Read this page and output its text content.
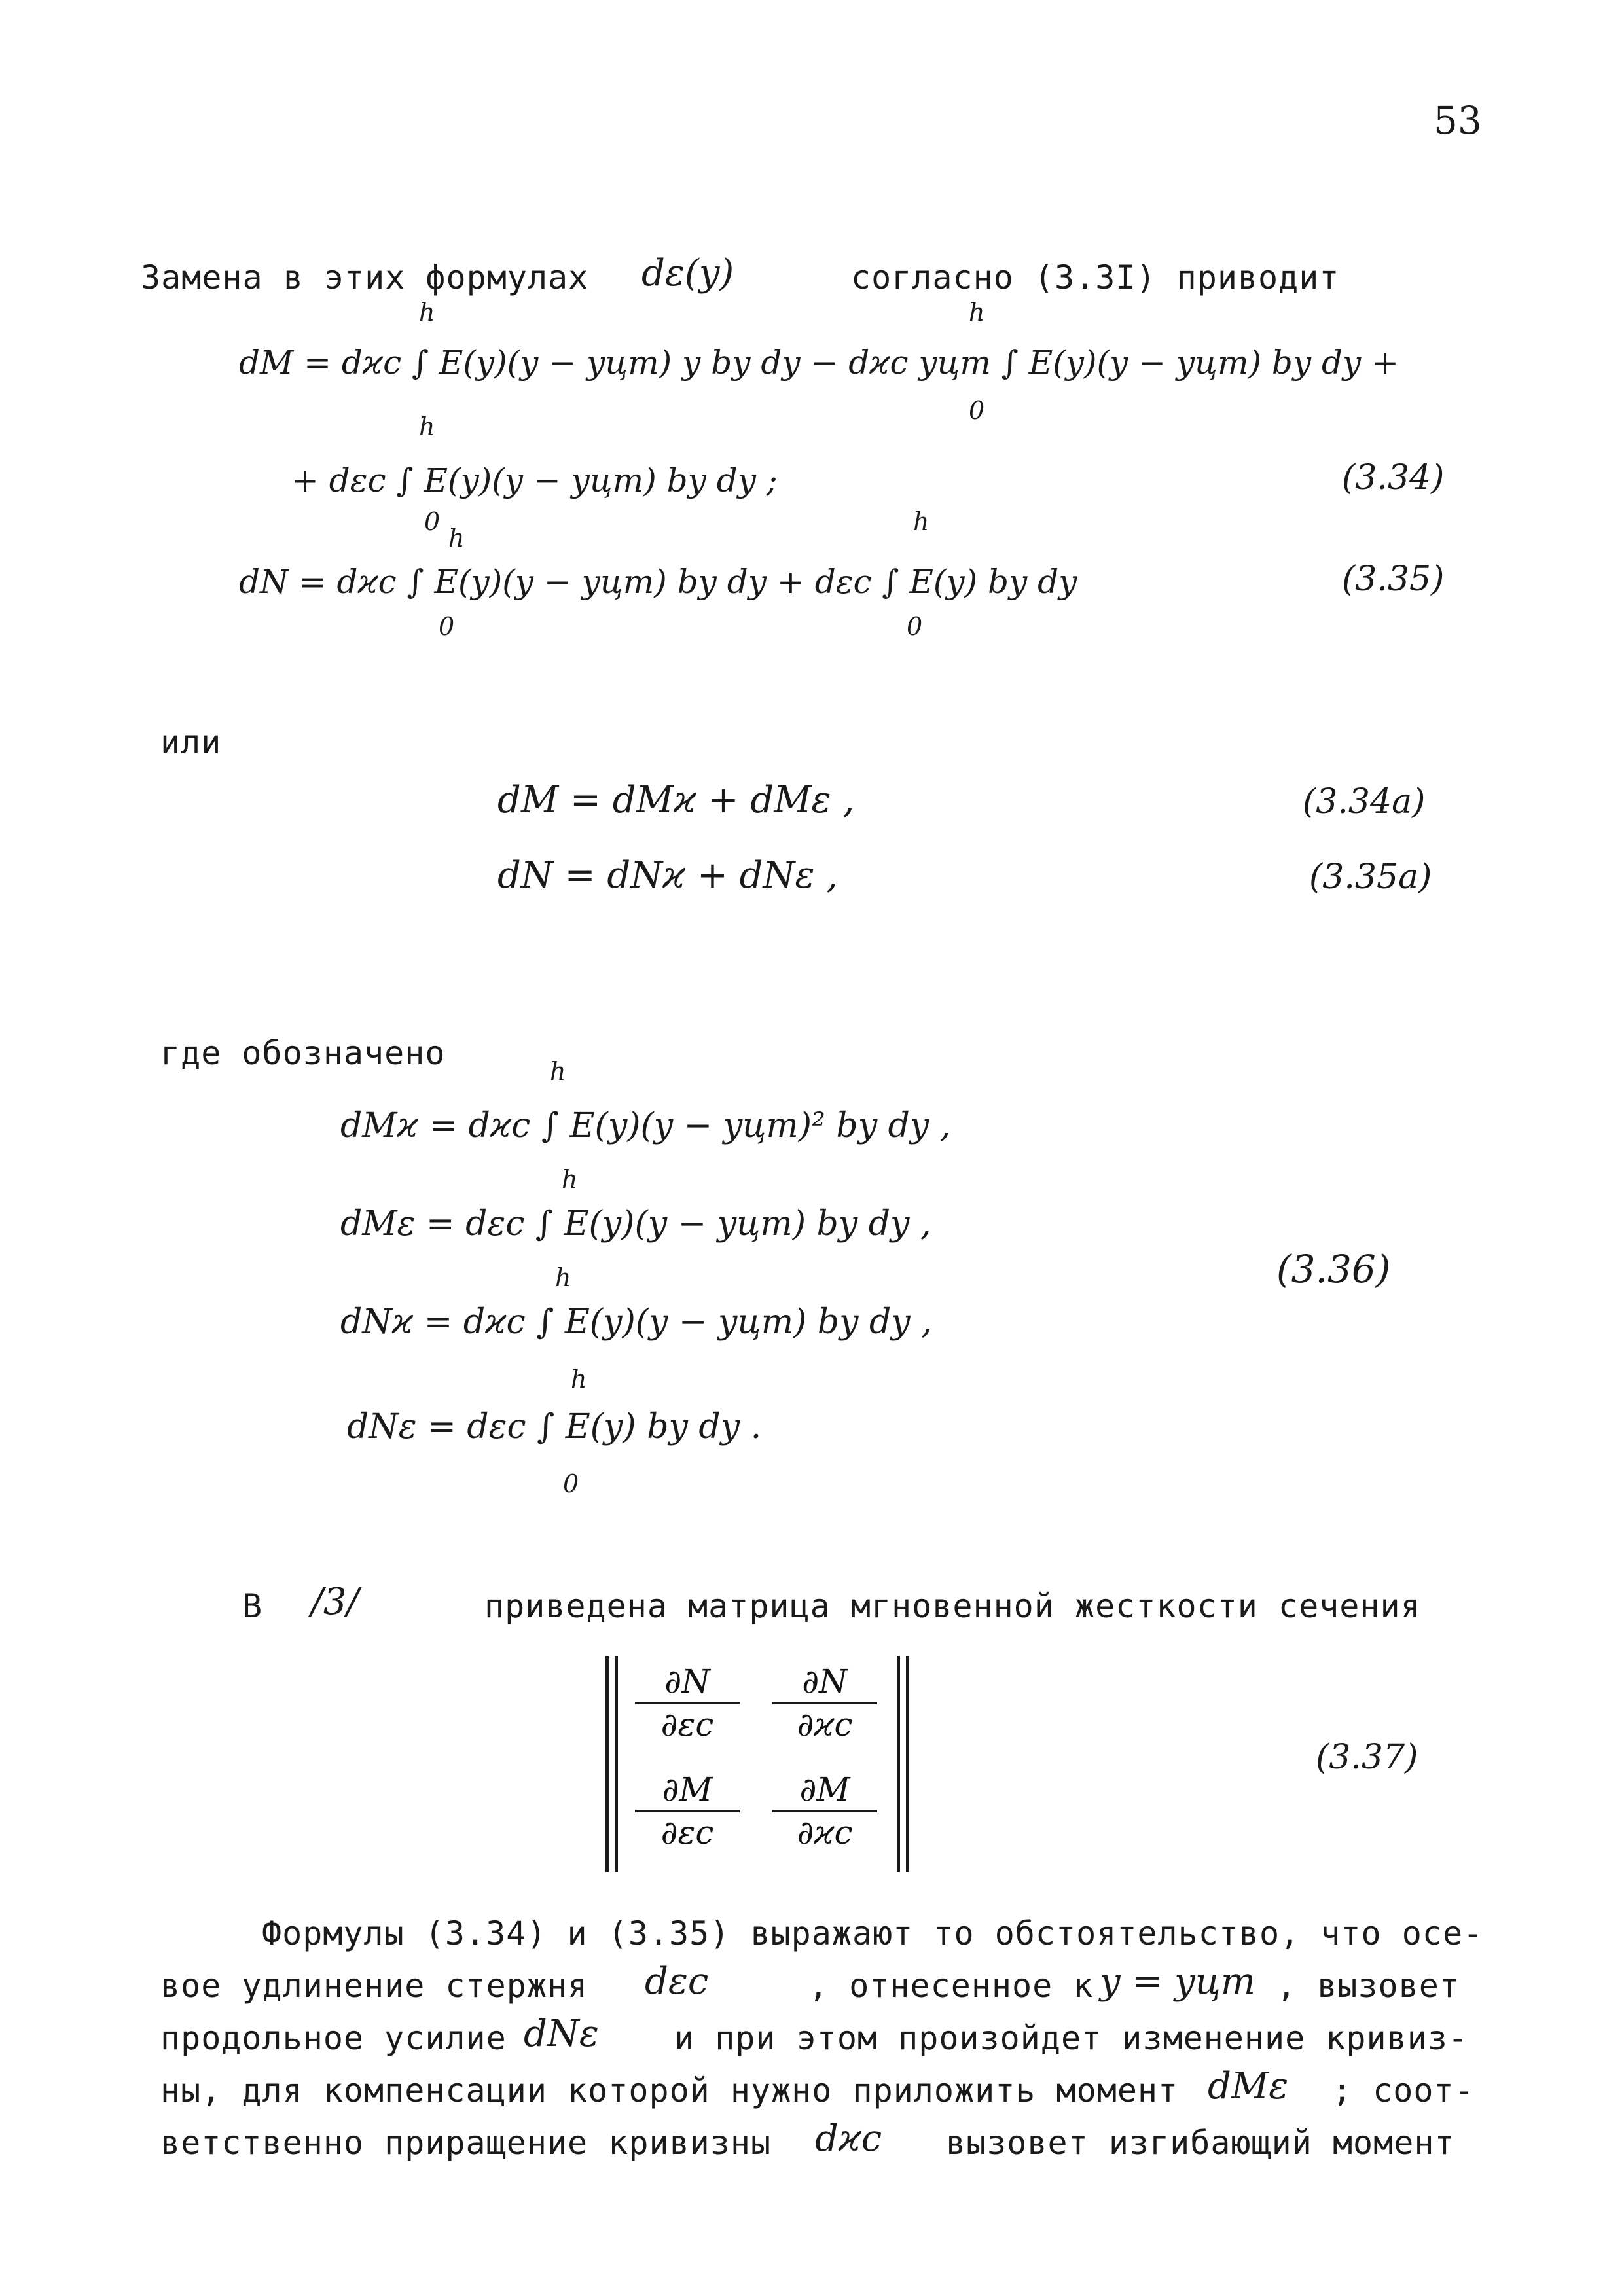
53
Замена в этих формулах dε(y)	согласно (3.3I) приводит
h	h
dM = dϰc ∫ E(y)(y − yцт) y by dy − dϰc yцт ∫ E(y)(y − yцт) by dy +
0
h
+ dεc ∫ E(y)(y − yцт) by dy ;	(3.34)
0
h
h
dN = dϰc ∫ E(y)(y − yцт) by dy + dεc ∫ E(y) by dy	(3.35)
0	0
или
dM = dMϰ + dMε ,	(3.34a)
dN = dNϰ + dNε ,	(3.35a)
где обозначено	h
dMϰ = dϰc ∫ E(y)(y − yцт)² by dy ,
h
dMε = dεc ∫ E(y)(y − yцт) by dy ,
(3.36)
h
dNϰ = dϰc ∫ E(y)(y − yцт) by dy ,
h
dNε = dεc ∫ E(y) by dy .
0
В /3/	приведена матрица мгновенной жесткости сечения
$\frac{\partial N}{\partial\varepsilon c} \frac{\partial N}{\partial ϰc}$
$\frac{\partial M}{\partial\varepsilon c} \frac{\partial M}{\partial ϰc}$
(3.37)
Формулы (3.34) и (3.35) выражают то обстоятельство, что осе-
вое удлинение стержня dεc	, отнесенное к y = yцт , вызовет
продольное усилие dNε и при этом произойдет изменение кривиз-
ны, для компенсации которой нужно приложить момент dMε ; соот-
ветственно приращение кривизны dϰc вызовет изгибающий момент
